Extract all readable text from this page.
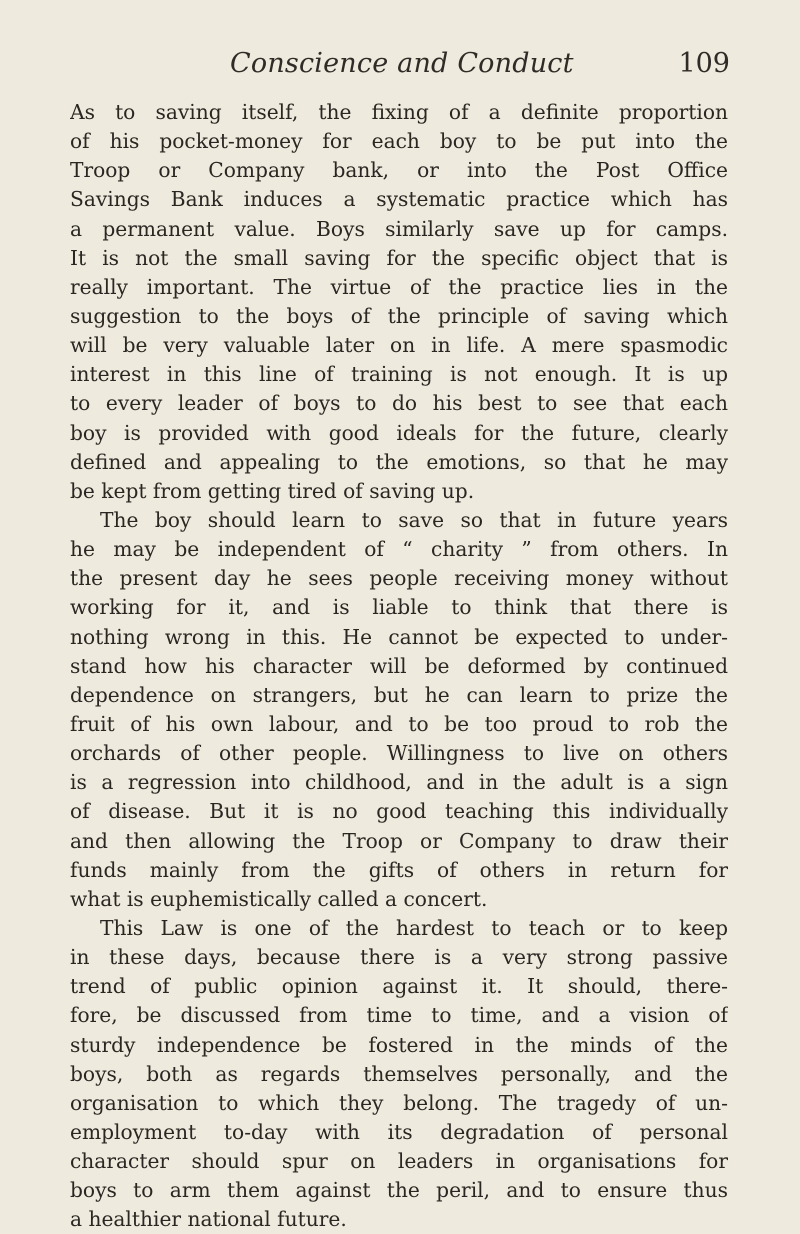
Conscience and Conduct	109
As to saving itself, the fixing of a definite proportion
of his pocket-money for each boy to be put into the
Troop or Company bank, or into the Post Office
Savings Bank induces a systematic practice which has
a permanent value. Boys similarly save up for camps.
It is not the small saving for the specific object that is
really important. The virtue of the practice lies in the
suggestion to the boys of the principle of saving which
will be very valuable later on in life. A mere spasmodic
interest in this line of training is not enough. It is up
to every leader of boys to do his best to see that each
boy is provided with good ideals for the future, clearly
defined and appealing to the emotions, so that he may
be kept from getting tired of saving up.
The boy should learn to save so that in future years
he may be independent of “ charity ” from others. In
the present day he sees people receiving money without
working for it, and is liable to think that there is
nothing wrong in this. He cannot be expected to under-
stand how his character will be deformed by continued
dependence on strangers, but he can learn to prize the
fruit of his own labour, and to be too proud to rob the
orchards of other people. Willingness to live on others
is a regression into childhood, and in the adult is a sign
of disease. But it is no good teaching this individually
and then allowing the Troop or Company to draw their
funds mainly from the gifts of others in return for
what is euphemistically called a concert.
This Law is one of the hardest to teach or to keep
in these days, because there is a very strong passive
trend of public opinion against it. It should, there-
fore, be discussed from time to time, and a vision of
sturdy independence be fostered in the minds of the
boys, both as regards themselves personally, and the
organisation to which they belong. The tragedy of un-
employment to-day with its degradation of personal
character should spur on leaders in organisations for
boys to arm them against the peril, and to ensure thus
a healthier national future.
